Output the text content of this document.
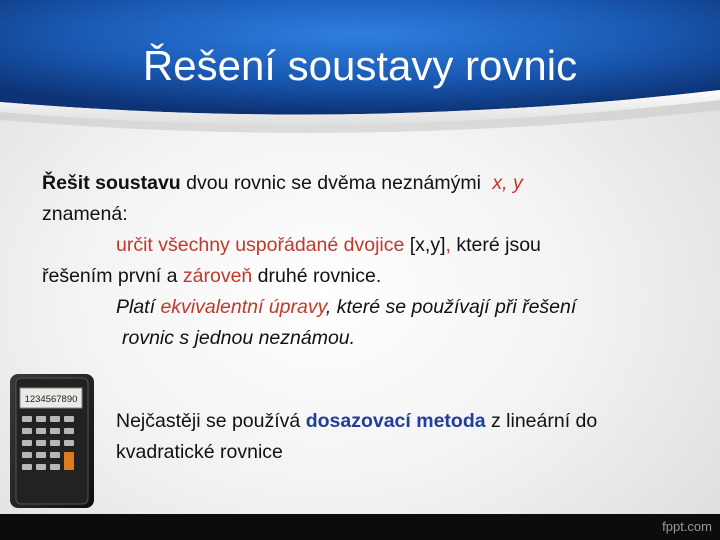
Řešení soustavy rovnic
Řešit soustavu dvou rovnic se dvěma neznámými x, y
znamená:
určit všechny uspořádané dvojice [x,y], které jsou
řešením první a zároveň druhé rovnice.
Platí ekvivalentní úpravy, které se používají při řešení
rovnic s jednou neznámou.
1234567890
Nejčastěji se používá dosazovací metoda z lineární do
kvadratické rovnice
fppt.com
